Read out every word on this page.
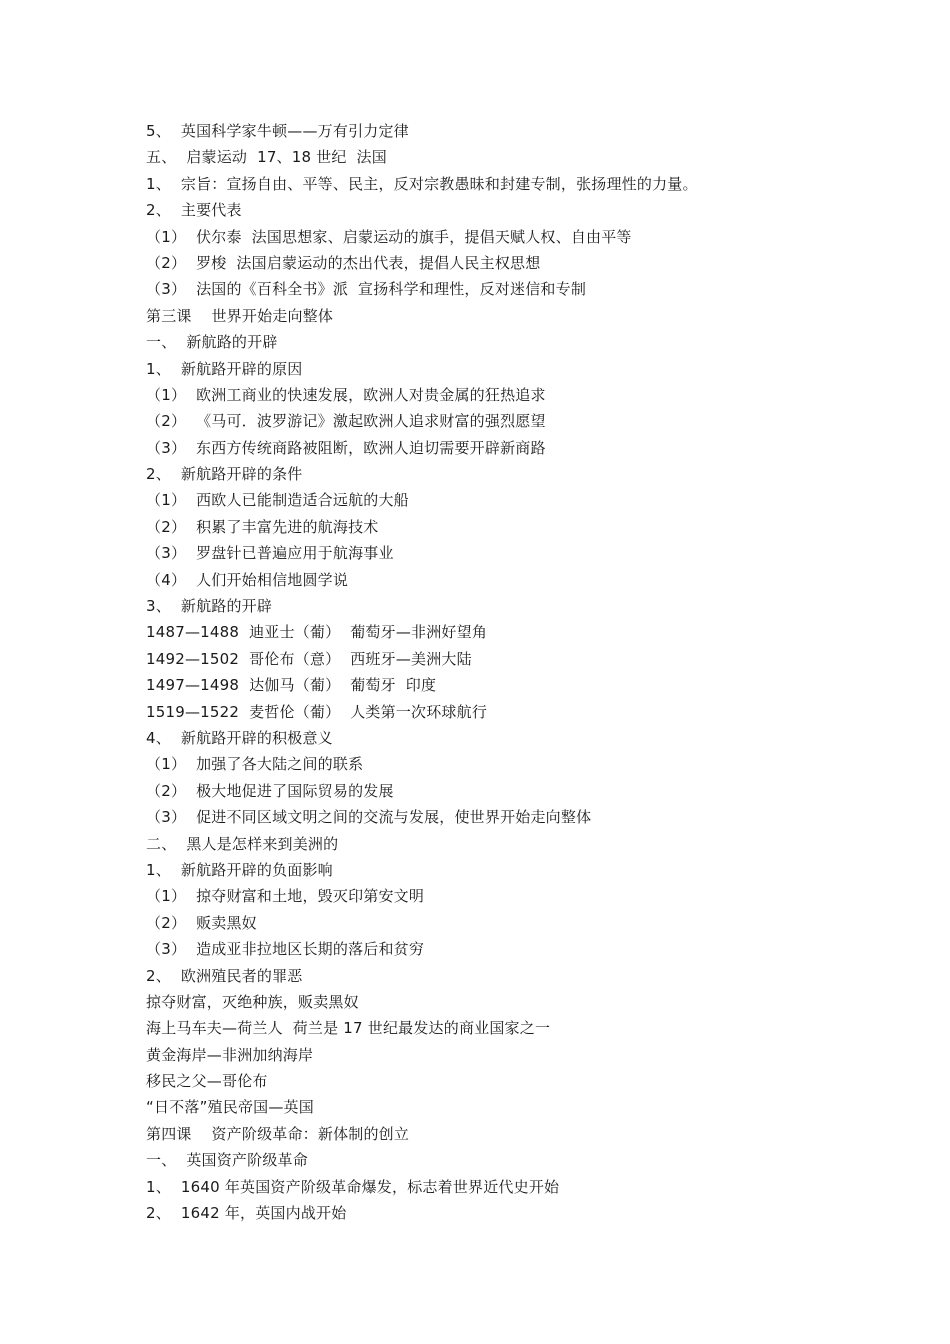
5、  英国科学家牛顿——万有引力定律
五、  启蒙运动  17、18 世纪  法国
1、  宗旨：宣扬自由、平等、民主，反对宗教愚昧和封建专制，张扬理性的力量。
2、  主要代表
（1）  伏尔泰  法国思想家、启蒙运动的旗手，提倡天赋人权、自由平等
（2）  罗梭  法国启蒙运动的杰出代表，提倡人民主权思想
（3）  法国的《百科全书》派  宣扬科学和理性，反对迷信和专制
第三课    世界开始走向整体
一、  新航路的开辟
1、  新航路开辟的原因
（1）  欧洲工商业的快速发展，欧洲人对贵金属的狂热追求
（2）  《马可．波罗游记》激起欧洲人追求财富的强烈愿望
（3）  东西方传统商路被阻断，欧洲人迫切需要开辟新商路
2、  新航路开辟的条件
（1）  西欧人已能制造适合远航的大船
（2）  积累了丰富先进的航海技术
（3）  罗盘针已普遍应用于航海事业
（4）  人们开始相信地圆学说
3、  新航路的开辟
1487—1488  迪亚士（葡）  葡萄牙—非洲好望角
1492—1502  哥伦布（意）  西班牙—美洲大陆
1497—1498  达伽马（葡）  葡萄牙  印度
1519—1522  麦哲伦（葡）  人类第一次环球航行
4、  新航路开辟的积极意义
（1）  加强了各大陆之间的联系
（2）  极大地促进了国际贸易的发展
（3）  促进不同区域文明之间的交流与发展，使世界开始走向整体
二、  黑人是怎样来到美洲的
1、  新航路开辟的负面影响
（1）  掠夺财富和土地，毁灭印第安文明
（2）  贩卖黑奴
（3）  造成亚非拉地区长期的落后和贫穷
2、  欧洲殖民者的罪恶
掠夺财富，灭绝种族，贩卖黑奴
海上马车夫—荷兰人  荷兰是 17 世纪最发达的商业国家之一
黄金海岸—非洲加纳海岸
移民之父—哥伦布
“日不落”殖民帝国—英国
第四课    资产阶级革命：新体制的创立
一、  英国资产阶级革命
1、  1640 年英国资产阶级革命爆发，标志着世界近代史开始
2、  1642 年，英国内战开始
